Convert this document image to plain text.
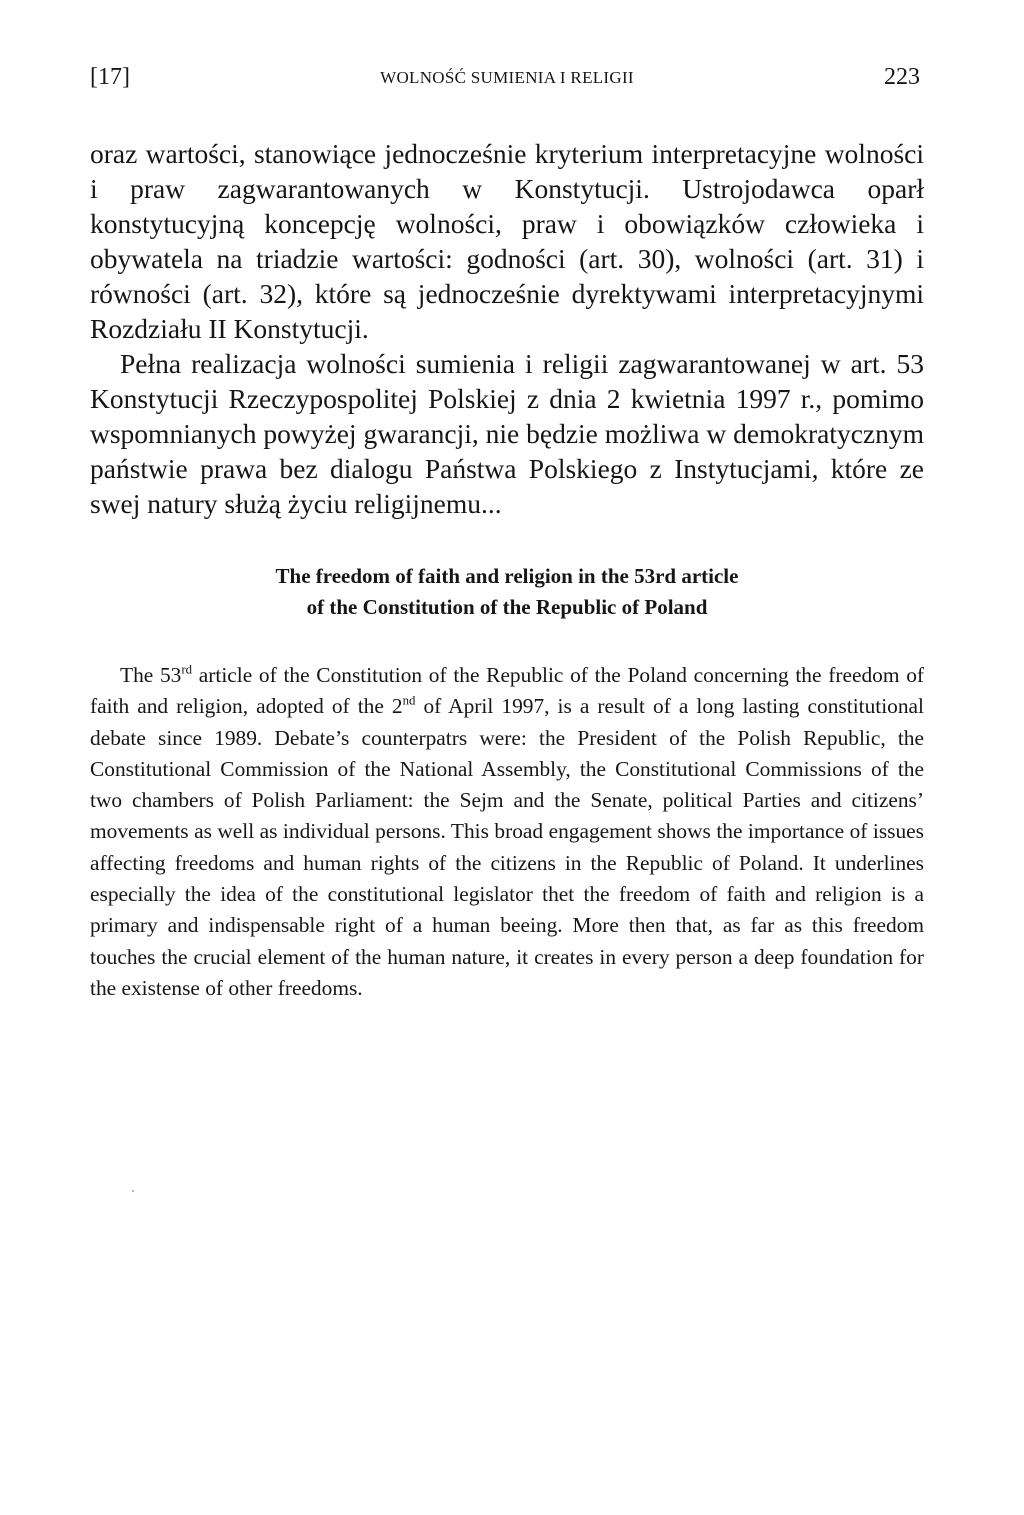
[17]	WOLNOŚĆ SUMIENIA I RELIGII	223

oraz wartości, stanowiące jednocześnie kryterium interpretacyjne wolności i praw zagwarantowanych w Konstytucji. Ustrojodawca oparł konstytucyjną koncepcję wolności, praw i obowiązków człowieka i obywatela na triadzie wartości: godności (art. 30), wolności (art. 31) i równości (art. 32), które są jednocześnie dyrektywami interpretacyjnymi Rozdziału II Konstytucji.

Pełna realizacja wolności sumienia i religii zagwarantowanej w art. 53 Konstytucji Rzeczypospolitej Polskiej z dnia 2 kwietnia 1997 r., pomimo wspomnianych powyżej gwarancji, nie będzie możliwa w demokratycznym państwie prawa bez dialogu Państwa Polskiego z Instytucjami, które ze swej natury służą życiu religijnemu...

The freedom of faith and religion in the 53rd article
of the Constitution of the Republic of Poland

The 53rd article of the Constitution of the Republic of the Poland concerning the freedom of faith and religion, adopted of the 2nd of April 1997, is a result of a long lasting constitutional debate since 1989. Debate’s counterpatrs were: the President of the Polish Republic, the Constitutional Commission of the National Assembly, the Constitutional Commissions of the two chambers of Polish Parliament: the Sejm and the Senate, political Parties and citizens’ movements as well as individual persons. This broad engagement shows the importance of issues affecting freedoms and human rights of the citizens in the Republic of Poland. It underlines especially the idea of the constitutional legislator thet the freedom of faith and religion is a primary and indispensable right of a human beeing. More then that, as far as this freedom touches the crucial element of the human nature, it creates in every person a deep foundation for the existense of other freedoms.
